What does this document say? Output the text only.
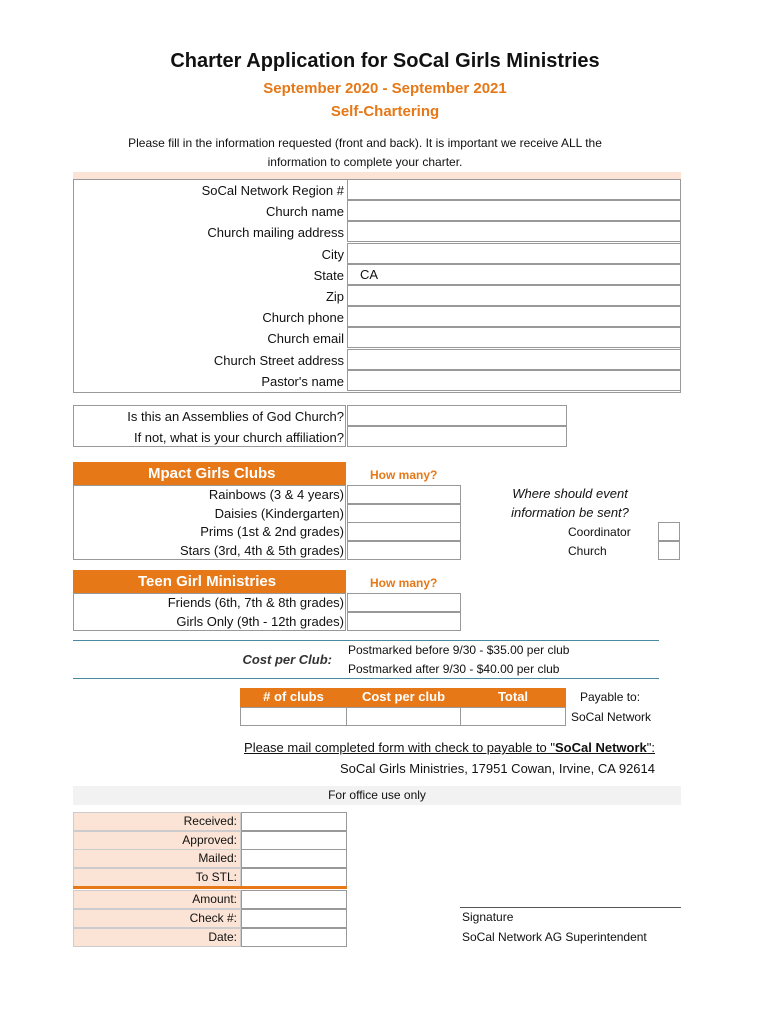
Charter Application for SoCal Girls Ministries
September 2020 - September 2021
Self-Chartering
Please fill in the information requested (front and back). It is important we receive ALL the
information to complete your charter.
SoCal Network Region #
Church name
Church mailing address
City
State	CA
Zip
Church phone
Church email
Church Street address
Pastor's name
Is this an Assemblies of God Church?
If not, what is your church affiliation?
Mpact Girls Clubs	How many?
Rainbows (3 & 4 years)
Daisies (Kindergarten)
Prims (1st & 2nd grades)
Stars (3rd, 4th & 5th grades)
Where should event
information be sent?
Coordinator
Church
Teen Girl Ministries	How many?
Friends (6th, 7th & 8th grades)
Girls Only (9th - 12th grades)
Cost per Club:
Postmarked before 9/30 - $35.00 per club
Postmarked after 9/30 - $40.00 per club
# of clubs	Cost per club	Total	Payable to:
SoCal Network
Please mail completed form with check to payable to "SoCal Network":
SoCal Girls Ministries, 17951 Cowan, Irvine, CA 92614
For office use only
Received:
Approved:
Mailed:
To STL:
Amount:
Check #:
Date:
Signature
SoCal Network AG Superintendent
